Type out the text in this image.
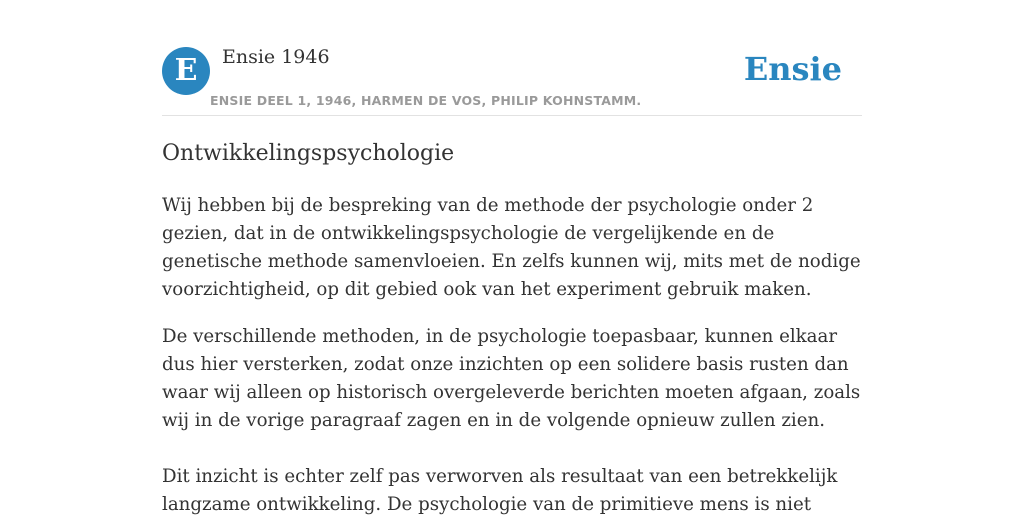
E	Ensie 1946
ENSIE DEEL 1, 1946, HARMEN DE VOS, PHILIP KOHNSTAMM.
Ensie
Ontwikkelingspsychologie

Wij hebben bij de bespreking van de methode der psychologie onder 2 gezien, dat in de ontwikkelingspsychologie de vergelijkende en de genetische methode samenvloeien. En zelfs kunnen wij, mits met de nodige voorzichtigheid, op dit gebied ook van het experiment gebruik maken.

De verschillende methoden, in de psychologie toepasbaar, kunnen elkaar dus hier versterken, zodat onze inzichten op een solidere basis rusten dan waar wij alleen op historisch overgeleverde berichten moeten afgaan, zoals wij in de vorige paragraaf zagen en in de volgende opnieuw zullen zien.

Dit inzicht is echter zelf pas verworven als resultaat van een betrekkelijk langzame ontwikkeling. De psychologie van de primitieve mens is niet
